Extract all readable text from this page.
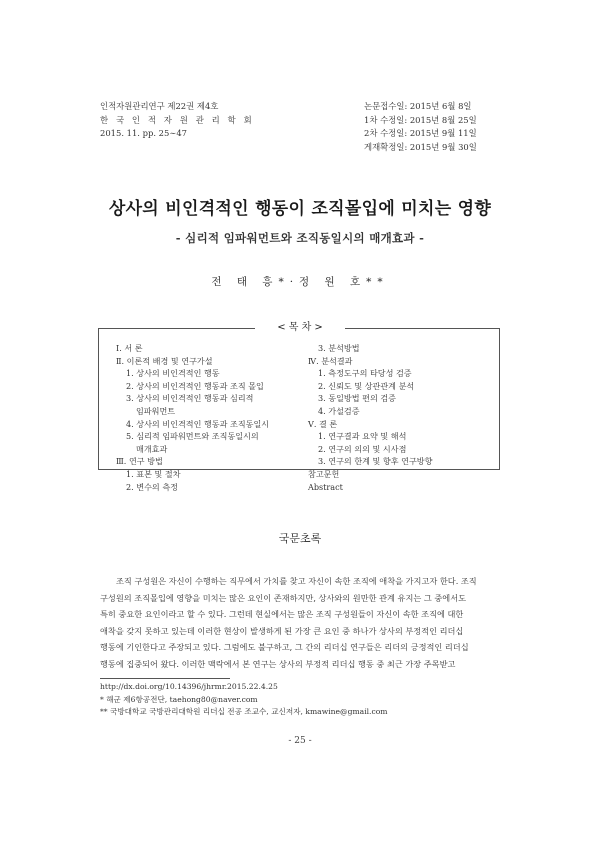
인적자원관리연구 제22권 제4호
한 국 인 적 자 원 관 리 학 회
2015. 11. pp. 25∼47
논문접수일: 2015년 6월 8일
1차 수정일: 2015년 8월 25일
2차 수정일: 2015년 9월 11일
게재확정일: 2015년 9월 30일
상사의 비인격적인 행동이 조직몰입에 미치는 영향
- 심리적 임파워먼트와 조직동일시의 매개효과 -
전 태 흥*·정 원 호**
< 목 차 >
Ⅰ. 서 론
Ⅱ. 이론적 배경 및 연구가설
1. 상사의 비인격적인 행동
2. 상사의 비인격적인 행동과 조직 몰입
3. 상사의 비인격적인 행동과 심리적
임파워먼트
4. 상사의 비인격적인 행동과 조직동일시
5. 심리적 임파워먼트와 조직동일시의
매개효과
Ⅲ. 연구 방법
1. 표본 및 절차
2. 변수의 측정
3. 분석방법
Ⅳ. 분석결과
1. 측정도구의 타당성 검증
2. 신뢰도 및 상관관계 분석
3. 동일방법 편의 검증
4. 가설검증
Ⅴ. 결 론
1. 연구결과 요약 및 해석
2. 연구의 의의 및 시사점
3. 연구의 한계 및 향후 연구방향
참고문헌
Abstract
국문초록
조직 구성원은 자신이 수행하는 직무에서 가치를 찾고 자신이 속한 조직에 애착을 가지고자 한다. 조직
구성원의 조직몰입에 영향을 미치는 많은 요인이 존재하지만, 상사와의 원만한 관계 유지는 그 중에서도
특히 중요한 요인이라고 할 수 있다. 그런데 현실에서는 많은 조직 구성원들이 자신이 속한 조직에 대한
애착을 갖지 못하고 있는데 이러한 현상이 발생하게 된 가장 큰 요인 중 하나가 상사의 부정적인 리더십
행동에 기인한다고 주장되고 있다. 그럼에도 불구하고, 그 간의 리더십 연구들은 리더의 긍정적인 리더십
행동에 집중되어 왔다. 이러한 맥락에서 본 연구는 상사의 부정적 리더십 행동 중 최근 가장 주목받고
http://dx.doi.org/10.14396/jhrmr.2015.22.4.25
* 해군 제6항공전단, taehong80@naver.com
** 국방대학교 국방관리대학원 리더십 전공 조교수, 교신저자, kmawine@gmail.com
- 25 -
